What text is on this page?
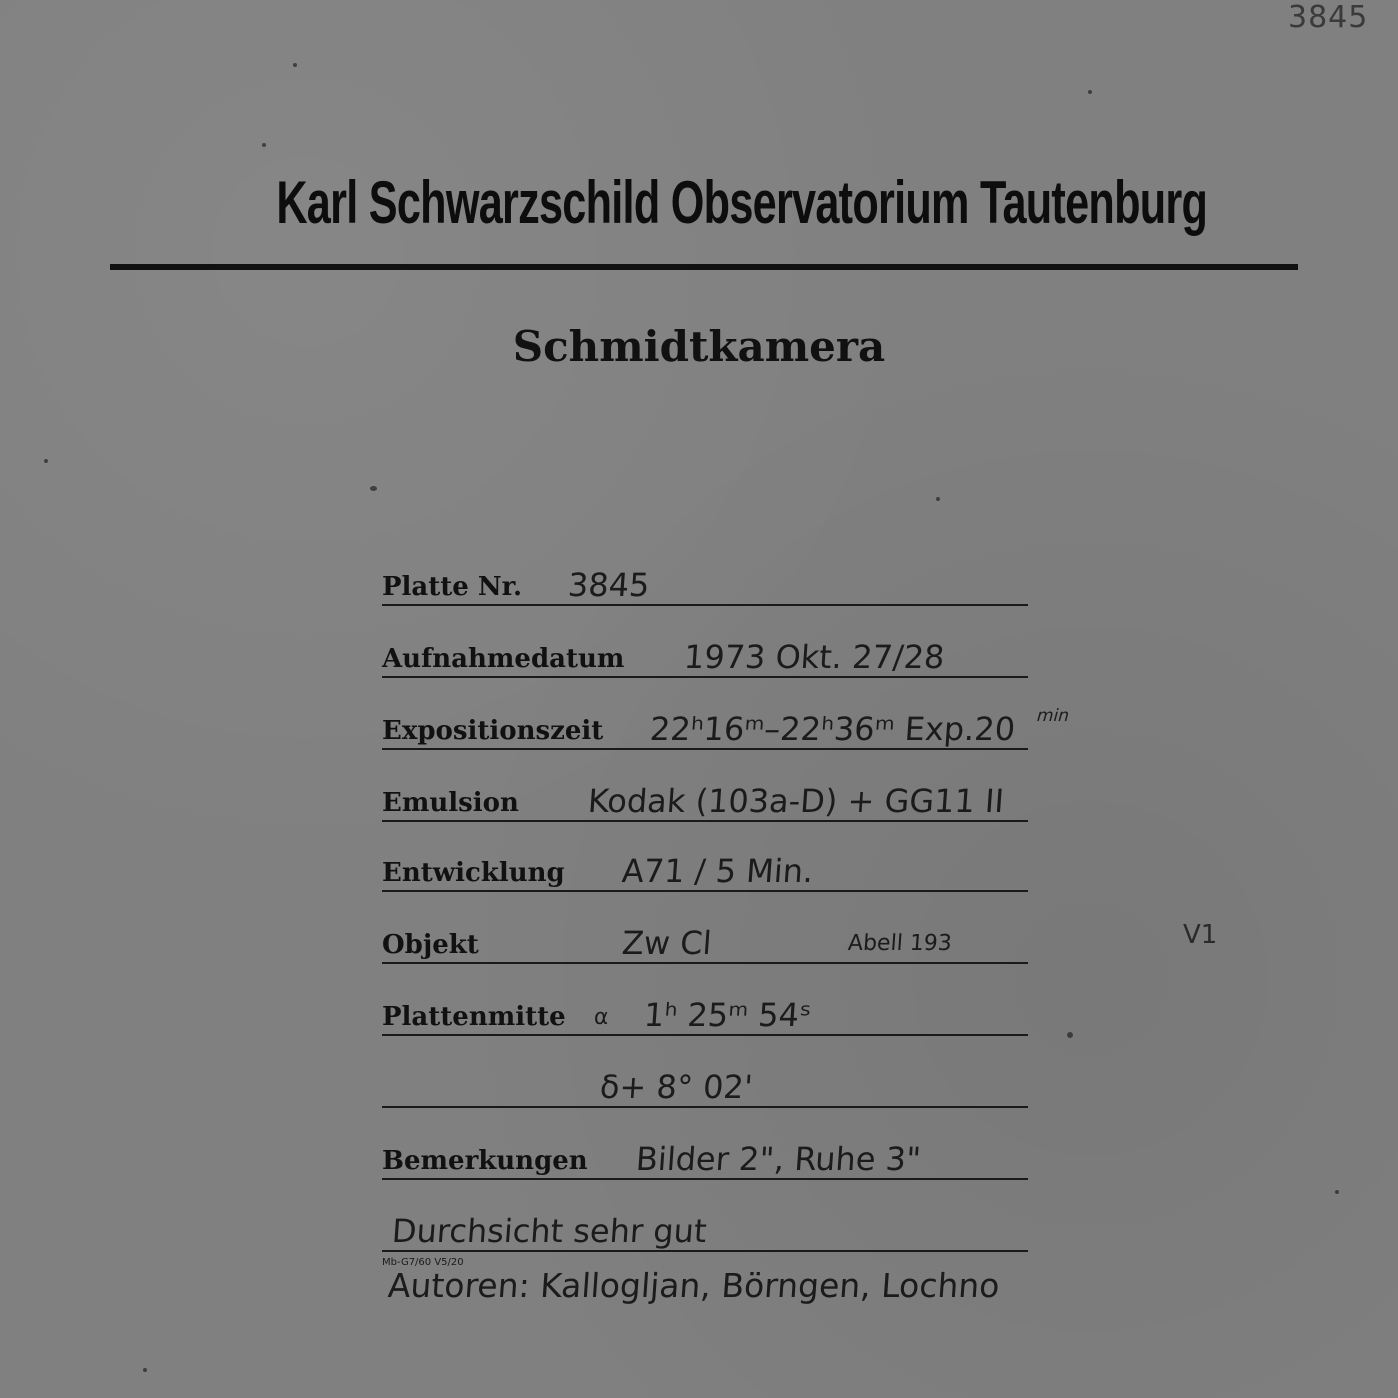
3845
Karl Schwarzschild Observatorium Tautenburg
Schmidtkamera
Platte Nr. 3845
Aufnahmedatum 1973 Okt. 27/28
Expositionszeit 22ʰ16ᵐ–22ʰ36ᵐ Exp.20 min
Emulsion Kodak (103a-D) + GG11 II
Entwicklung A71 / 5 Min.
Objekt	Zw Cl	Abell 193
Plattenmitte α 1ʰ 25ᵐ 54ˢ
δ+ 8° 02'
Bemerkungen Bilder 2", Ruhe 3"
Durchsicht sehr gut
V1
Mb-G7/60 V5/20
Autoren: Kallogljan, Börngen, Lochno
